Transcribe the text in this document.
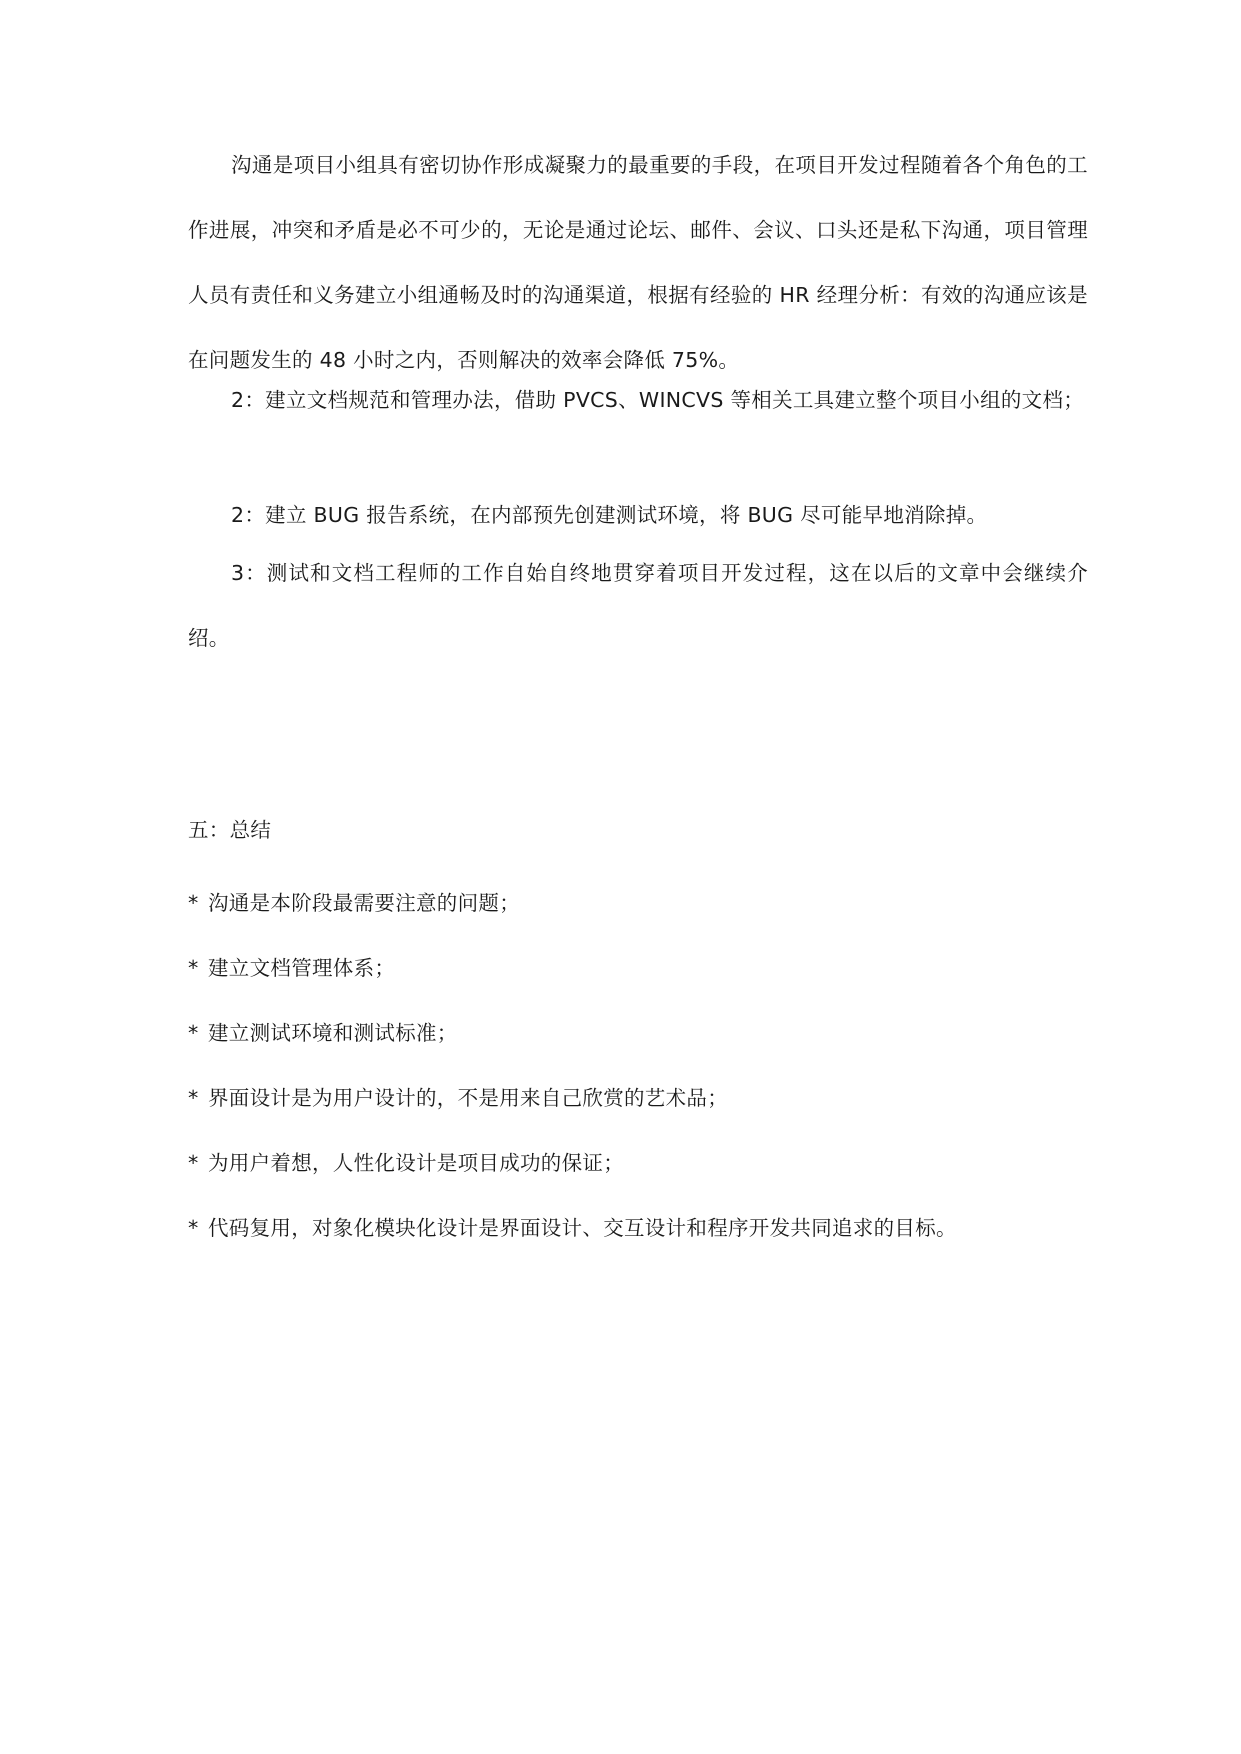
沟通是项目小组具有密切协作形成凝聚力的最重要的手段，在项目开发过程随着各个角色的工作进展，冲突和矛盾是必不可少的，无论是通过论坛、邮件、会议、口头还是私下沟通，项目管理人员有责任和义务建立小组通畅及时的沟通渠道，根据有经验的 HR 经理分析：有效的沟通应该是在问题发生的 48 小时之内，否则解决的效率会降低 75%。

2：建立文档规范和管理办法，借助 PVCS、WINCVS 等相关工具建立整个项目小组的文档；

2：建立 BUG 报告系统，在内部预先创建测试环境，将 BUG 尽可能早地消除掉。

3：测试和文档工程师的工作自始自终地贯穿着项目开发过程，这在以后的文章中会继续介绍。

五：总结
* 沟通是本阶段最需要注意的问题；
* 建立文档管理体系；
* 建立测试环境和测试标准；
* 界面设计是为用户设计的，不是用来自己欣赏的艺术品；
* 为用户着想，人性化设计是项目成功的保证；
* 代码复用，对象化模块化设计是界面设计、交互设计和程序开发共同追求的目标。
